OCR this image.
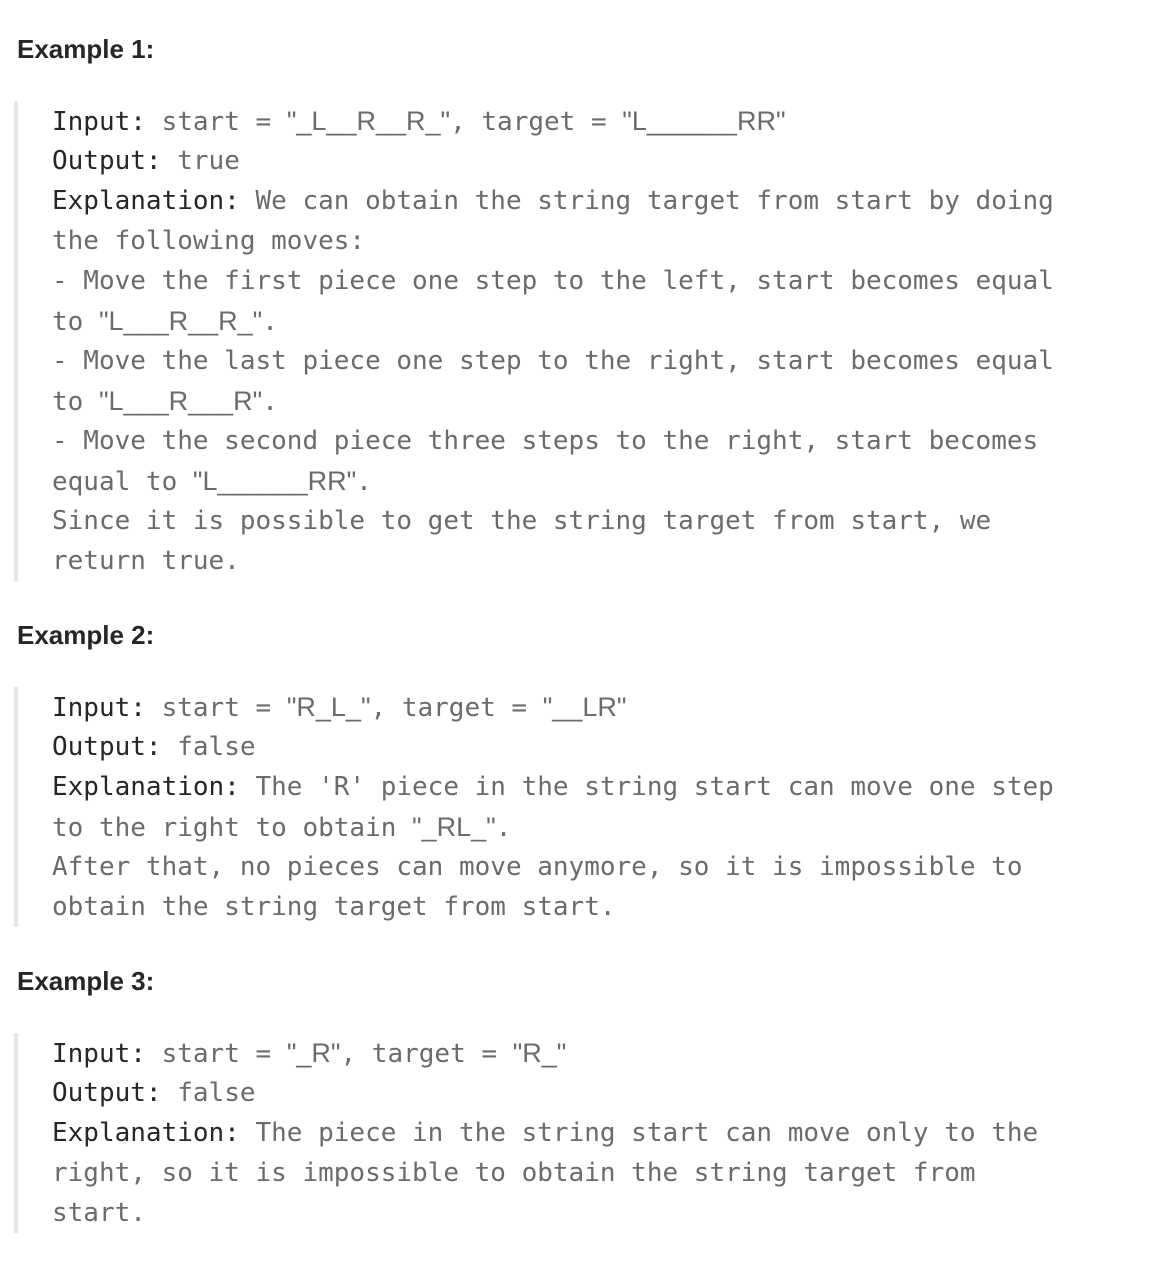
Example 1:
Input: start = "_L__R__R_", target = "L______RR"
Output: true
Explanation: We can obtain the string target from start by doing
the following moves:
- Move the first piece one step to the left, start becomes equal
to "L___R__R_".
- Move the last piece one step to the right, start becomes equal
to "L___R___R".
- Move the second piece three steps to the right, start becomes
equal to "L______RR".
Since it is possible to get the string target from start, we
return true.
Example 2:
Input: start = "R_L_", target = "__LR"
Output: false
Explanation: The 'R' piece in the string start can move one step
to the right to obtain "_RL_".
After that, no pieces can move anymore, so it is impossible to
obtain the string target from start.
Example 3:
Input: start = "_R", target = "R_"
Output: false
Explanation: The piece in the string start can move only to the
right, so it is impossible to obtain the string target from
start.
